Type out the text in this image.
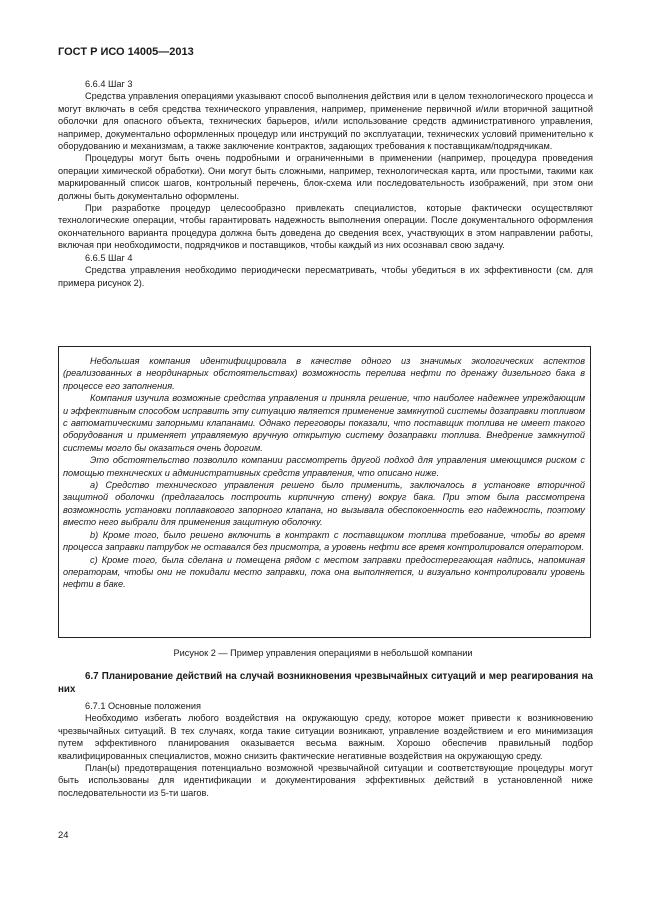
ГОСТ Р ИСО 14005—2013

6.6.4 Шаг 3

Средства управления операциями указывают способ выполнения действия или в целом технологического процесса и могут включать в себя средства технического управления, например, применение первичной и/или вторичной защитной оболочки для опасного объекта, технических барьеров, и/или использование средств административного управления, например, документально оформленных процедур или инструкций по эксплуатации, технических условий применительно к оборудованию и механизмам, а также заключение контрактов, задающих требования к поставщикам/подрядчикам.

Процедуры могут быть очень подробными и ограниченными в применении (например, процедура проведения операции химической обработки). Они могут быть сложными, например, технологическая карта, или простыми, такими как маркированный список шагов, контрольный перечень, блок-схема или последовательность изображений, при этом они должны быть документально оформлены.

При разработке процедур целесообразно привлекать специалистов, которые фактически осуществляют технологические операции, чтобы гарантировать надежность выполнения операции. После документального оформления окончательного варианта процедура должна быть доведена до сведения всех, участвующих в этом направлении работы, включая при необходимости, подрядчиков и поставщиков, чтобы каждый из них осознавал свою задачу.

6.6.5 Шаг 4

Средства управления необходимо периодически пересматривать, чтобы убедиться в их эффективности (см. для примера рисунок 2).

Небольшая компания идентифицировала в качестве одного из значимых экологических аспектов (реализованных в неординарных обстоятельствах) возможность перелива нефти по дренажу дизельного бака в процессе его заполнения.

Компания изучила возможные средства управления и приняла решение, что наиболее надежнее упреждающим и эффективным способом исправить эту ситуацию является применение замкнутой системы дозаправки топливом с автоматическими запорными клапанами. Однако переговоры показали, что поставщик топлива не имеет такого оборудования и применяет управляемую вручную открытую систему дозаправки топлива. Внедрение замкнутой системы могло бы оказаться очень дорогим.

Это обстоятельство позволило компании рассмотреть другой подход для управления имеющимся риском с помощью технических и административных средств управления, что описано ниже.

а) Средство технического управления решено было применить, заключалось в установке вторичной защитной оболочки (предлагалось построить кирпичную стену) вокруг бака. При этом была рассмотрена возможность установки поплавкового запорного клапана, но вызывала обеспокоенность его надежность, поэтому вместо него выбрали для применения защитную оболочку.

b) Кроме того, было решено включить в контракт с поставщиком топлива требование, чтобы во время процесса заправки патрубок не оставался без присмотра, а уровень нефти все время контролировался оператором.

c) Кроме того, была сделана и помещена рядом с местом заправки предостерегающая надпись, напоминая операторам, чтобы они не покидали место заправки, пока она выполняется, и визуально контролировали уровень нефти в баке.

Рисунок 2 — Пример управления операциями в небольшой компании
6.7 Планирование действий на случай возникновения чрезвычайных ситуаций и мер реагирования на них

6.7.1 Основные положения

Необходимо избегать любого воздействия на окружающую среду, которое может привести к возникновению чрезвычайных ситуаций. В тех случаях, когда такие ситуации возникают, управление воздействием и его минимизация путем эффективного планирования оказывается весьма важным. Хорошо обеспечив правильный подбор квалифицированных специалистов, можно снизить фактические негативные воздействия на окружающую среду.

План(ы) предотвращения потенциально возможной чрезвычайной ситуации и соответствующие процедуры могут быть использованы для идентификации и документирования эффективных действий в установленной ниже последовательности из 5-ти шагов.

24
